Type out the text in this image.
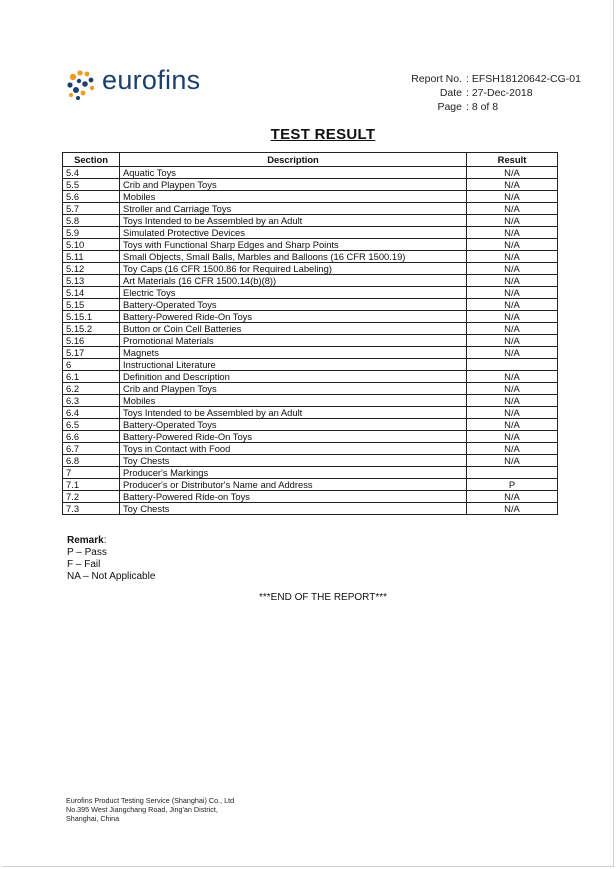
eurofins	Report No. : EFSH18120642-CG-01
Date : 27-Dec-2018
Page : 8 of 8
TEST RESULT
Section	Description	Result
5.4	Aquatic Toys	N/A
5.5	Crib and Playpen Toys	N/A
5.6	Mobiles	N/A
5.7	Stroller and Carriage Toys	N/A
5.8	Toys Intended to be Assembled by an Adult	N/A
5.9	Simulated Protective Devices	N/A
5.10	Toys with Functional Sharp Edges and Sharp Points	N/A
5.11	Small Objects, Small Balls, Marbles and Balloons (16 CFR 1500.19)	N/A
5.12	Toy Caps (16 CFR 1500.86 for Required Labeling)	N/A
5.13	Art Materials (16 CFR 1500.14(b)(8))	N/A
5.14	Electric Toys	N/A
5.15	Battery-Operated Toys	N/A
5.15.1	Battery-Powered Ride-On Toys	N/A
5.15.2	Button or Coin Cell Batteries	N/A
5.16	Promotional Materials	N/A
5.17	Magnets	N/A
6	Instructional Literature	
6.1	Definition and Description	N/A
6.2	Crib and Playpen Toys	N/A
6.3	Mobiles	N/A
6.4	Toys Intended to be Assembled by an Adult	N/A
6.5	Battery-Operated Toys	N/A
6.6	Battery-Powered Ride-On Toys	N/A
6.7	Toys in Contact with Food	N/A
6.8	Toy Chests	N/A
7	Producer's Markings	
7.1	Producer's or Distributor's Name and Address	P
7.2	Battery-Powered Ride-on Toys	N/A
7.3	Toy Chests	N/A
Remark:
P – Pass
F – Fail
NA – Not Applicable
***END OF THE REPORT***
Eurofins Product Testing Service (Shanghai) Co., Ltd
No.395 West Jiangchang Road, Jing'an District,
Shanghai, China
